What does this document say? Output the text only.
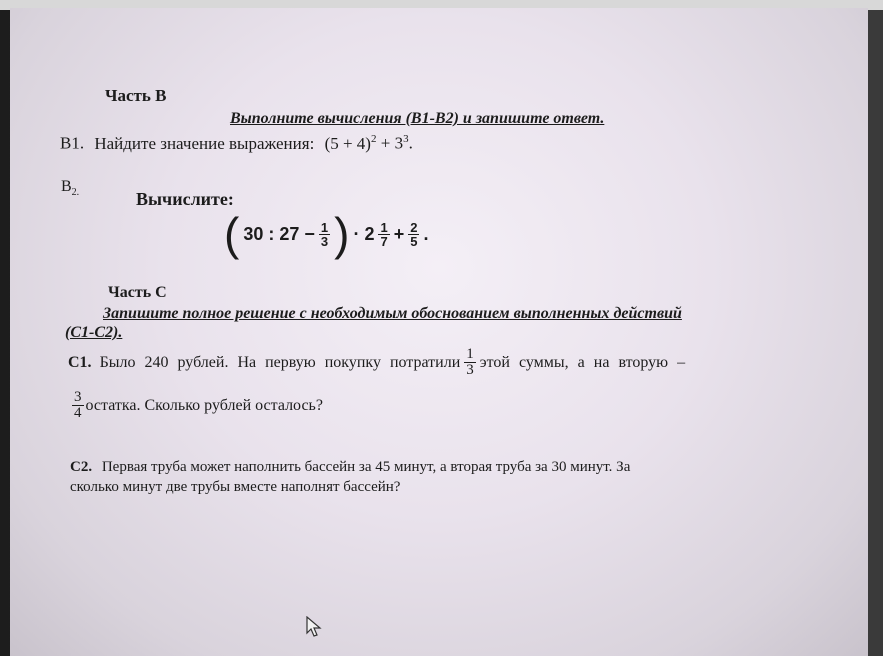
Часть В
Выполните вычисления (В1-В2) и запишите ответ.
В1. Найдите значение выражения: $(5 + 4)^2 + 3^3$.
$В_{2.}$	Вычислите:
( 30 : $27 - \frac{1}{3}$ ) · $2 \frac{1}{7} + \frac{2}{5}$ .
Часть С
Запишите полное решение с необходимым обоснованием выполненных действий
(С1-С2).
С1. Было 240 рублей. На первую покупку потратили $\frac{1}{3}$ этой суммы, а на вторую –
$\frac{3}{4}$ остатка. Сколько рублей осталось?
С2. Первая труба может наполнить бассейн за 45 минут, а вторая труба за 30 минут. За
сколько минут две трубы вместе наполнят бассейн?
